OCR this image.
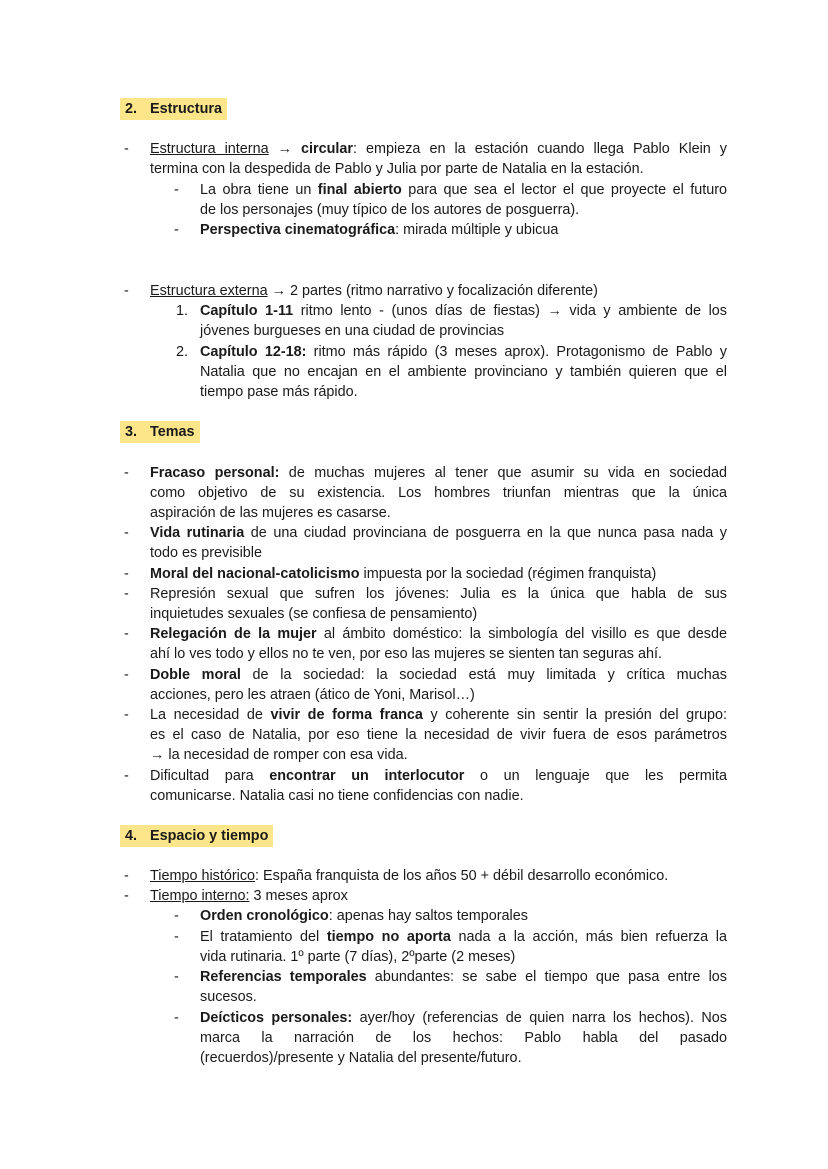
2. Estructura
- Estructura interna → circular: empieza en la estación cuando llega Pablo Klein y
termina con la despedida de Pablo y Julia por parte de Natalia en la estación.
- La obra tiene un final abierto para que sea el lector el que proyecte el futuro
de los personajes (muy típico de los autores de posguerra).
- Perspectiva cinematográfica: mirada múltiple y ubicua
- Estructura externa → 2 partes (ritmo narrativo y focalización diferente)
1. Capítulo 1-11 ritmo lento - (unos días de fiestas) → vida y ambiente de los
jóvenes burgueses en una ciudad de provincias
2. Capítulo 12-18: ritmo más rápido (3 meses aprox). Protagonismo de Pablo y
Natalia que no encajan en el ambiente provinciano y también quieren que el
tiempo pase más rápido.
3. Temas
- Fracaso personal: de muchas mujeres al tener que asumir su vida en sociedad
como objetivo de su existencia. Los hombres triunfan mientras que la única
aspiración de las mujeres es casarse.
- Vida rutinaria de una ciudad provinciana de posguerra en la que nunca pasa nada y
todo es previsible
- Moral del nacional-catolicismo impuesta por la sociedad (régimen franquista)
- Represión sexual que sufren los jóvenes: Julia es la única que habla de sus
inquietudes sexuales (se confiesa de pensamiento)
- Relegación de la mujer al ámbito doméstico: la simbología del visillo es que desde
ahí lo ves todo y ellos no te ven, por eso las mujeres se sienten tan seguras ahí.
- Doble moral de la sociedad: la sociedad está muy limitada y crítica muchas
acciones, pero les atraen (ático de Yoni, Marisol…)
- La necesidad de vivir de forma franca y coherente sin sentir la presión del grupo:
es el caso de Natalia, por eso tiene la necesidad de vivir fuera de esos parámetros
→ la necesidad de romper con esa vida.
- Dificultad para encontrar un interlocutor o un lenguaje que les permita
comunicarse. Natalia casi no tiene confidencias con nadie.
4. Espacio y tiempo
- Tiempo histórico: España franquista de los años 50 + débil desarrollo económico.
- Tiempo interno: 3 meses aprox
- Orden cronológico: apenas hay saltos temporales
- El tratamiento del tiempo no aporta nada a la acción, más bien refuerza la
vida rutinaria. 1º parte (7 días), 2ºparte (2 meses)
- Referencias temporales abundantes: se sabe el tiempo que pasa entre los
sucesos.
- Deícticos personales: ayer/hoy (referencias de quien narra los hechos). Nos
marca la narración de los hechos: Pablo habla del pasado
(recuerdos)/presente y Natalia del presente/futuro.
